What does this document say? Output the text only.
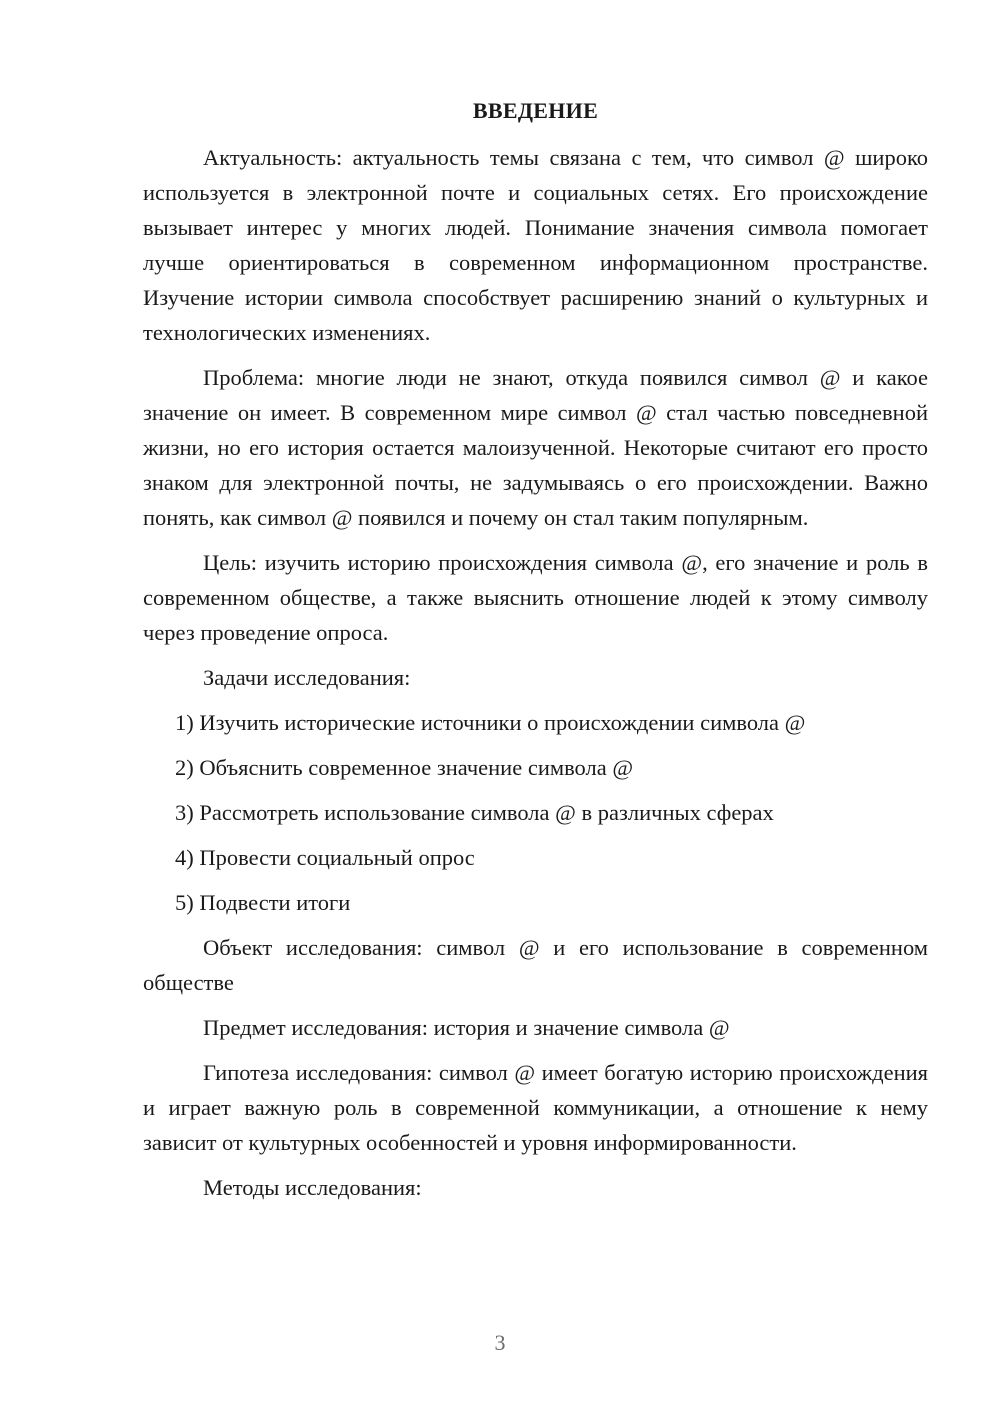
ВВЕДЕНИЕ

Актуальность: актуальность темы связана с тем, что символ @ широко используется в электронной почте и социальных сетях. Его происхождение вызывает интерес у многих людей. Понимание значения символа помогает лучше ориентироваться в современном информационном пространстве. Изучение истории символа способствует расширению знаний о культурных и технологических изменениях.

Проблема: многие люди не знают, откуда появился символ @ и какое значение он имеет. В современном мире символ @ стал частью повседневной жизни, но его история остается малоизученной. Некоторые считают его просто знаком для электронной почты, не задумываясь о его происхождении. Важно понять, как символ @ появился и почему он стал таким популярным.

Цель: изучить историю происхождения символа @, его значение и роль в современном обществе, а также выяснить отношение людей к этому символу через проведение опроса.

Задачи исследования:

1) Изучить исторические источники о происхождении символа @
2) Объяснить современное значение символа @
3) Рассмотреть использование символа @ в различных сферах
4) Провести социальный опрос
5) Подвести итоги

Объект исследования: символ @ и его использование в современном обществе

Предмет исследования: история и значение символа @

Гипотеза исследования: символ @ имеет богатую историю происхождения и играет важную роль в современной коммуникации, а отношение к нему зависит от культурных особенностей и уровня информированности.

Методы исследования:

3
